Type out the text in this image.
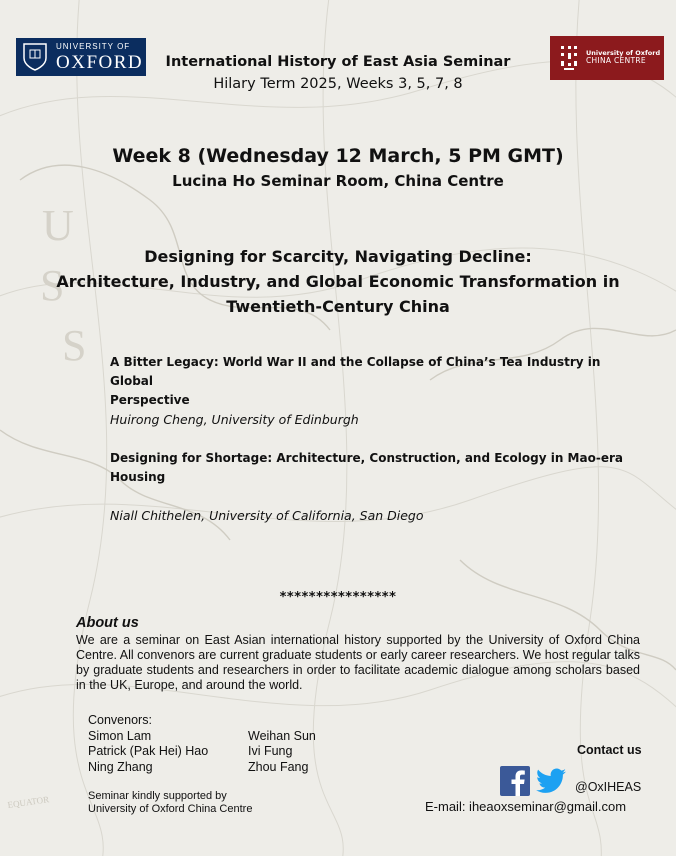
U
S
S
EQUATOR
UNIVERSITY OF
OXFORD	University of Oxford
CHINA CENTRE
International History of East Asia Seminar
Hilary Term 2025, Weeks 3, 5, 7, 8
Week 8 (Wednesday 12 March, 5 PM GMT)
Lucina Ho Seminar Room, China Centre
Designing for Scarcity, Navigating Decline:
Architecture, Industry, and Global Economic Transformation in
Twentieth-Century China
A Bitter Legacy: World War II and the Collapse of China’s Tea Industry in Global
Perspective
Huirong Cheng, University of Edinburgh
Designing for Shortage: Architecture, Construction, and Ecology in Mao-era
Housing
Niall Chithelen, University of California, San Diego
****************
About us
We are a seminar on East Asian international history supported by the University of Oxford China Centre. All convenors are current graduate students or early career researchers. We host regular talks by graduate students and researchers in order to facilitate academic dialogue among scholars based in the UK, Europe, and around the world.
Convenors:
Simon Lam	Weihan Sun
Patrick (Pak Hei) Hao	Ivi Fung
Ning Zhang	Zhou Fang
Seminar kindly supported by
University of Oxford China Centre
Contact us
@OxIHEAS
E-mail: iheaoxseminar@gmail.com
